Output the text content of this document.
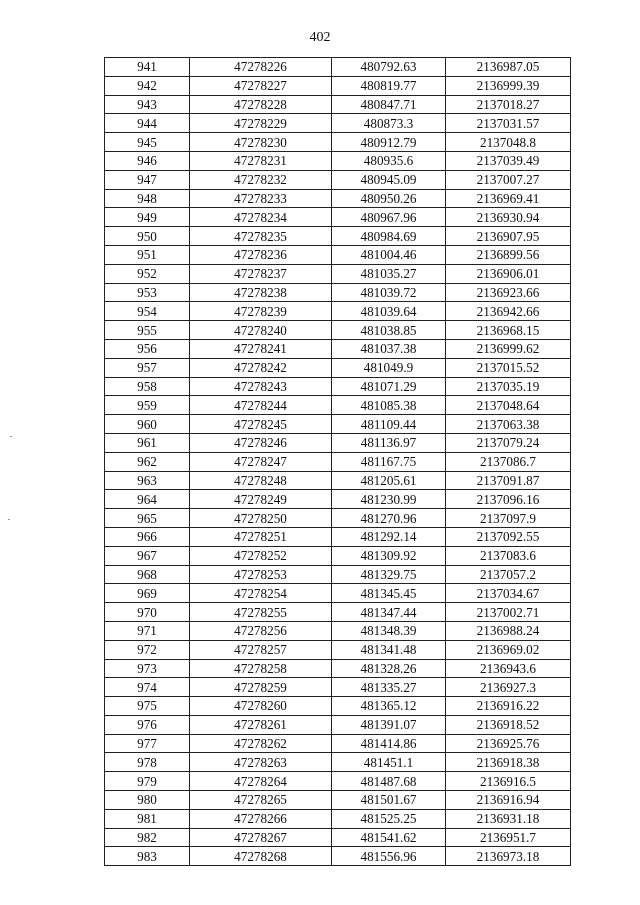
402
941	47278226	480792.63	2136987.05
942	47278227	480819.77	2136999.39
943	47278228	480847.71	2137018.27
944	47278229	480873.3	2137031.57
945	47278230	480912.79	2137048.8
946	47278231	480935.6	2137039.49
947	47278232	480945.09	2137007.27
948	47278233	480950.26	2136969.41
949	47278234	480967.96	2136930.94
950	47278235	480984.69	2136907.95
951	47278236	481004.46	2136899.56
952	47278237	481035.27	2136906.01
953	47278238	481039.72	2136923.66
954	47278239	481039.64	2136942.66
955	47278240	481038.85	2136968.15
956	47278241	481037.38	2136999.62
957	47278242	481049.9	2137015.52
958	47278243	481071.29	2137035.19
959	47278244	481085.38	2137048.64
960	47278245	481109.44	2137063.38
961	47278246	481136.97	2137079.24
962	47278247	481167.75	2137086.7
963	47278248	481205.61	2137091.87
964	47278249	481230.99	2137096.16
965	47278250	481270.96	2137097.9
966	47278251	481292.14	2137092.55
967	47278252	481309.92	2137083.6
968	47278253	481329.75	2137057.2
969	47278254	481345.45	2137034.67
970	47278255	481347.44	2137002.71
971	47278256	481348.39	2136988.24
972	47278257	481341.48	2136969.02
973	47278258	481328.26	2136943.6
974	47278259	481335.27	2136927.3
975	47278260	481365.12	2136916.22
976	47278261	481391.07	2136918.52
977	47278262	481414.86	2136925.76
978	47278263	481451.1	2136918.38
979	47278264	481487.68	2136916.5
980	47278265	481501.67	2136916.94
981	47278266	481525.25	2136931.18
982	47278267	481541.62	2136951.7
983	47278268	481556.96	2136973.18
